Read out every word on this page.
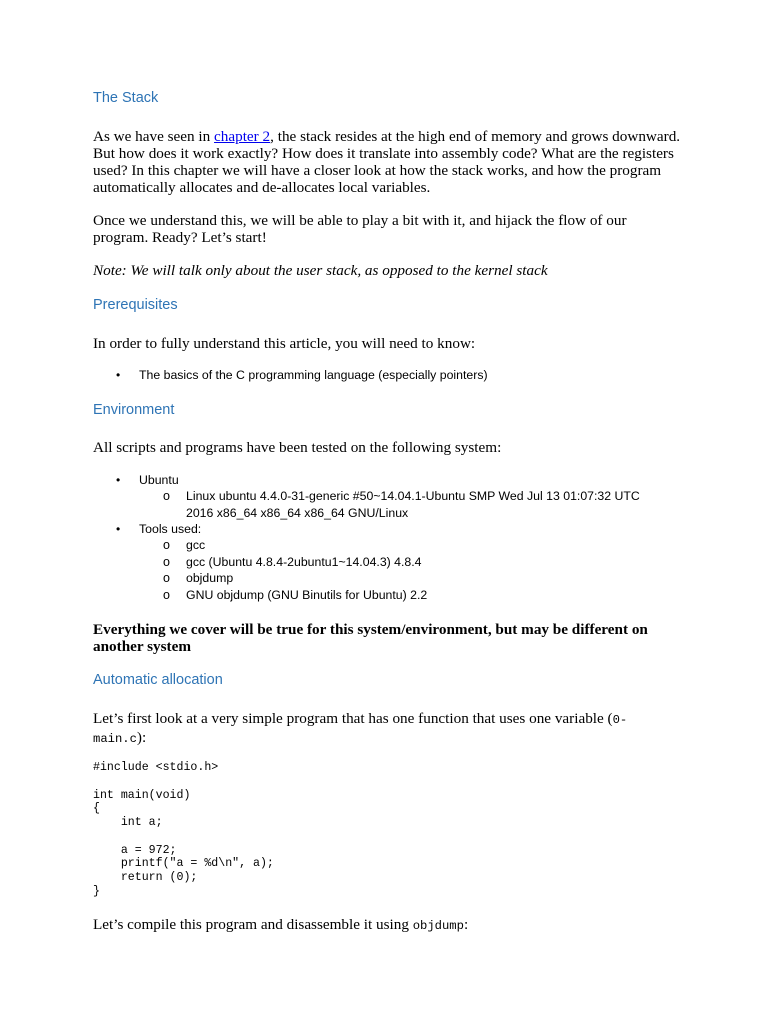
The Stack

As we have seen in chapter 2, the stack resides at the high end of memory and grows downward. But how does it work exactly? How does it translate into assembly code? What are the registers used? In this chapter we will have a closer look at how the stack works, and how the program automatically allocates and de-allocates local variables.

Once we understand this, we will be able to play a bit with it, and hijack the flow of our program. Ready? Let’s start!

Note: We will talk only about the user stack, as opposed to the kernel stack

Prerequisites

In order to fully understand this article, you will need to know:

• The basics of the C programming language (especially pointers)
Environment

All scripts and programs have been tested on the following system:

• Ubuntu
o Linux ubuntu 4.4.0-31-generic #50~14.04.1-Ubuntu SMP Wed Jul 13 01:07:32 UTC
2016 x86_64 x86_64 x86_64 GNU/Linux
• Tools used:
o gcc
o gcc (Ubuntu 4.8.4-2ubuntu1~14.04.3) 4.8.4
o objdump
o GNU objdump (GNU Binutils for Ubuntu) 2.2

Everything we cover will be true for this system/environment, but may be different on another system

Automatic allocation

Let’s first look at a very simple program that has one function that uses one variable (0-
main.c):

#include <stdio.h>

int main(void)
{
int a;

a = 972;
printf("a = %d\n", a);
return (0);
}

Let’s compile this program and disassemble it using objdump:
